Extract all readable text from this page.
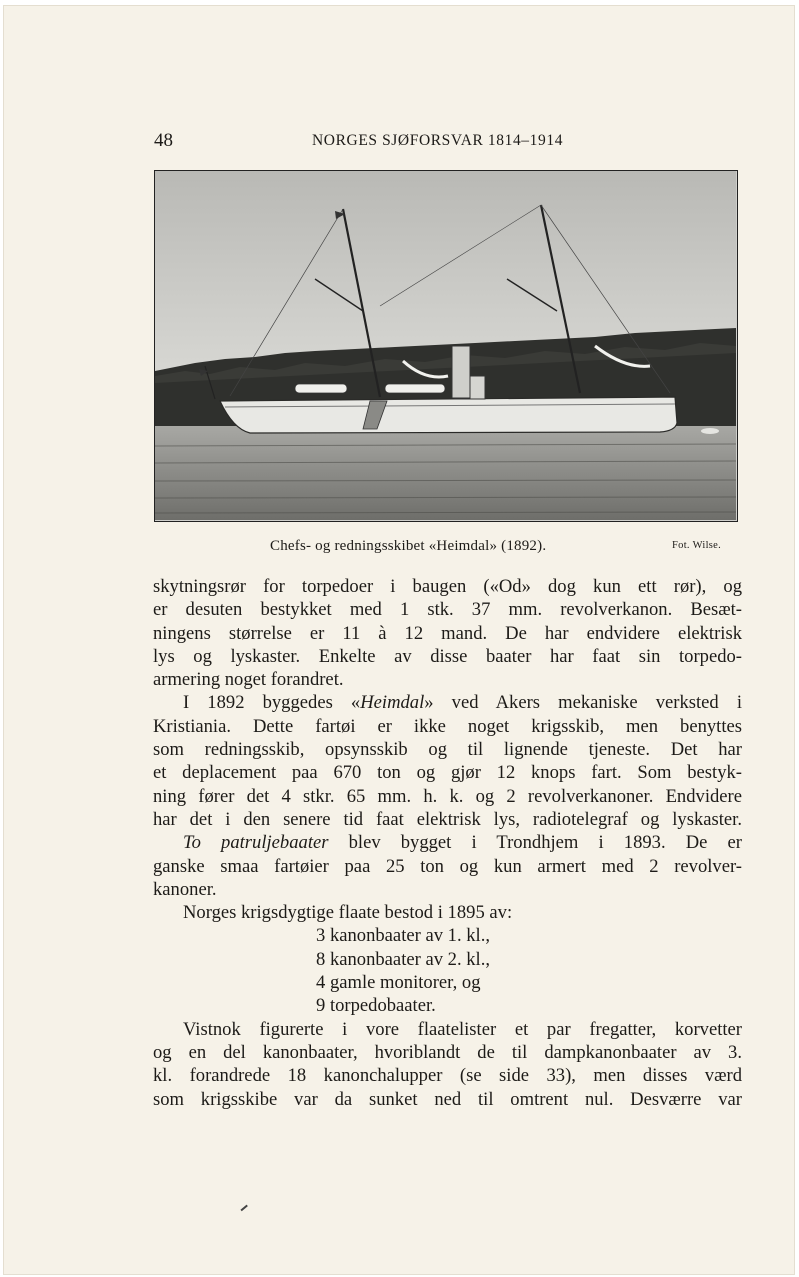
48	NORGES SJØFORSVAR 1814–1914
Chefs- og redningsskibet «Heimdal» (1892).	Fot. Wilse.
skytningsrør for torpedoer i baugen («Od» dog kun ett rør), og
er desuten bestykket med 1 stk. 37 mm. revolverkanon. Besæt-
ningens størrelse er 11 à 12 mand. De har endvidere elektrisk
lys og lyskaster. Enkelte av disse baater har faat sin torpedo-
armering noget forandret.
I 1892 byggedes «Heimdal» ved Akers mekaniske verksted i
Kristiania. Dette fartøi er ikke noget krigsskib, men benyttes
som redningsskib, opsynsskib og til lignende tjeneste. Det har
et deplacement paa 670 ton og gjør 12 knops fart. Som bestyk-
ning fører det 4 stkr. 65 mm. h. k. og 2 revolverkanoner. Endvidere
har det i den senere tid faat elektrisk lys, radiotelegraf og lyskaster.
To patruljebaater blev bygget i Trondhjem i 1893. De er
ganske smaa fartøier paa 25 ton og kun armert med 2 revolver-
kanoner.
Norges krigsdygtige flaate bestod i 1895 av:
3 kanonbaater av 1. kl.,
8 kanonbaater av 2. kl.,
4 gamle monitorer, og
9 torpedobaater.
Vistnok figurerte i vore flaatelister et par fregatter, korvetter
og en del kanonbaater, hvoriblandt de til dampkanonbaater av 3.
kl. forandrede 18 kanonchalupper (se side 33), men disses værd
som krigsskibe var da sunket ned til omtrent nul. Desværre var
